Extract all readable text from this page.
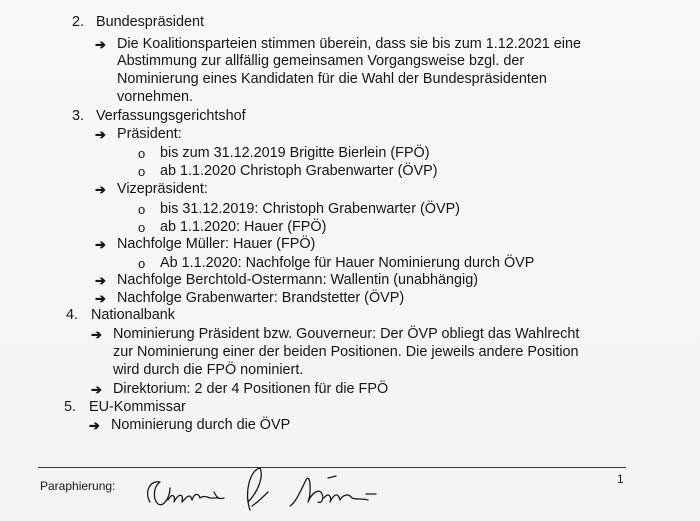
2. Bundespräsident
➔ Die Koalitionsparteien stimmen überein, dass sie bis zum 1.12.2021 eine
Abstimmung zur allfällig gemeinsamen Vorgangsweise bzgl. der
Nominierung eines Kandidaten für die Wahl der Bundespräsidenten
vornehmen.
3. Verfassungsgerichtshof
➔ Präsident:
o bis zum 31.12.2019 Brigitte Bierlein (FPÖ)
o ab 1.1.2020 Christoph Grabenwarter (ÖVP)
➔ Vizepräsident:
o bis 31.12.2019: Christoph Grabenwarter (ÖVP)
o ab 1.1.2020: Hauer (FPÖ)
➔ Nachfolge Müller: Hauer (FPÖ)
o Ab 1.1.2020: Nachfolge für Hauer Nominierung durch ÖVP
➔ Nachfolge Berchtold-Ostermann: Wallentin (unabhängig)
➔ Nachfolge Grabenwarter: Brandstetter (ÖVP)
4. Nationalbank
➔ Nominierung Präsident bzw. Gouverneur: Der ÖVP obliegt das Wahlrecht
zur Nominierung einer der beiden Positionen. Die jeweils andere Position
wird durch die FPÖ nominiert.
➔ Direktorium: 2 der 4 Positionen für die FPÖ
5. EU-Kommissar
➔ Nominierung durch die ÖVP
1
Paraphierung:
